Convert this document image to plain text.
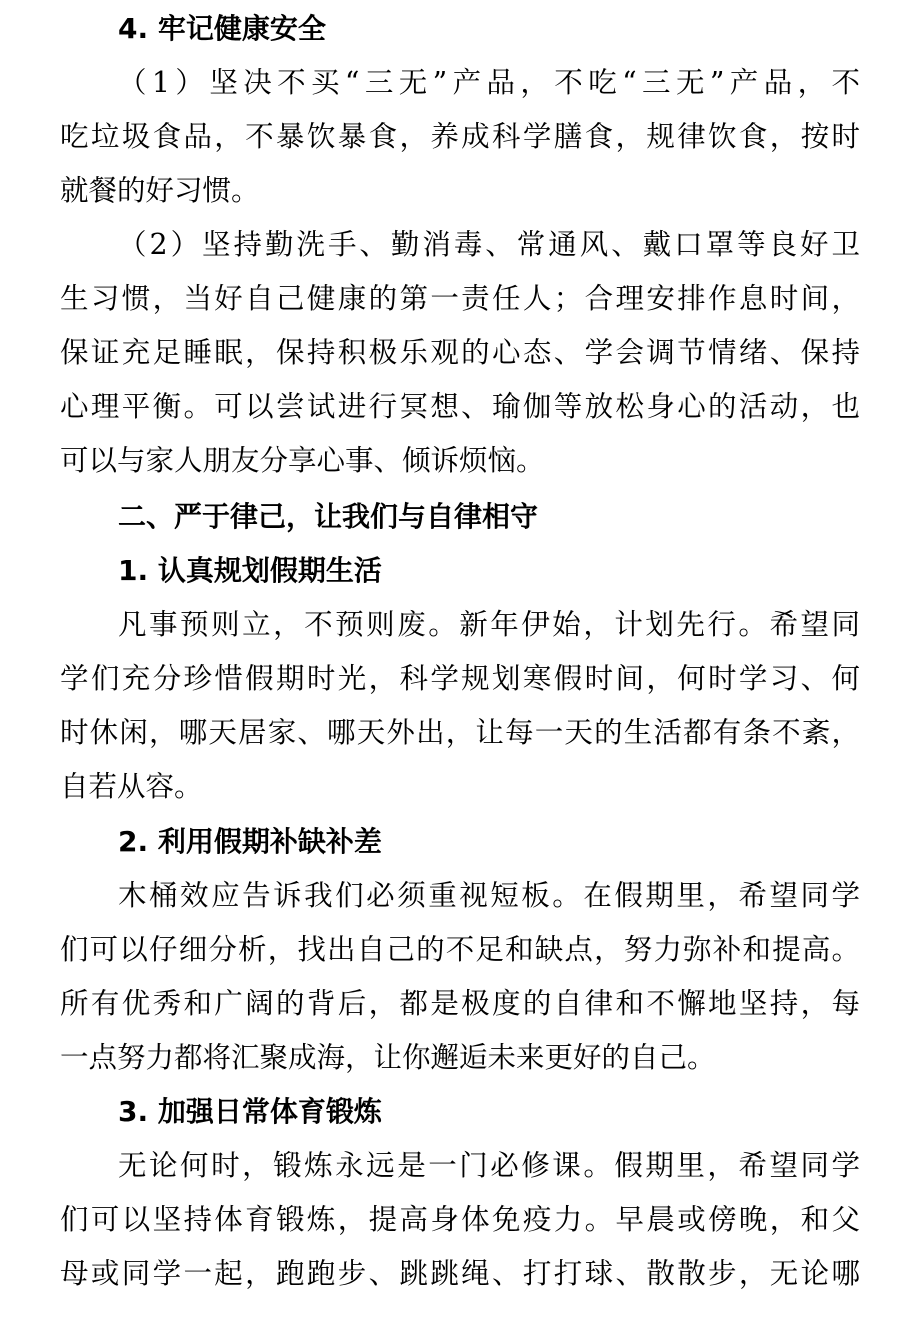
4. 牢记健康安全
（1）坚决不买“三无”产品，不吃“三无”产品，不
吃垃圾食品，不暴饮暴食，养成科学膳食，规律饮食，按时
就餐的好习惯。
（2）坚持勤洗手、勤消毒、常通风、戴口罩等良好卫
生习惯，当好自己健康的第一责任人；合理安排作息时间，
保证充足睡眠，保持积极乐观的心态、学会调节情绪、保持
心理平衡。可以尝试进行冥想、瑜伽等放松身心的活动，也
可以与家人朋友分享心事、倾诉烦恼。
二、严于律己，让我们与自律相守
1. 认真规划假期生活
凡事预则立，不预则废。新年伊始，计划先行。希望同
学们充分珍惜假期时光，科学规划寒假时间，何时学习、何
时休闲，哪天居家、哪天外出，让每一天的生活都有条不紊，
自若从容。
2. 利用假期补缺补差
木桶效应告诉我们必须重视短板。在假期里，希望同学
们可以仔细分析，找出自己的不足和缺点，努力弥补和提高。
所有优秀和广阔的背后，都是极度的自律和不懈地坚持，每
一点努力都将汇聚成海，让你邂逅未来更好的自己。
3. 加强日常体育锻炼
无论何时，锻炼永远是一门必修课。假期里，希望同学
们可以坚持体育锻炼，提高身体免疫力。早晨或傍晚，和父
母或同学一起，跑跑步、跳跳绳、打打球、散散步，无论哪
